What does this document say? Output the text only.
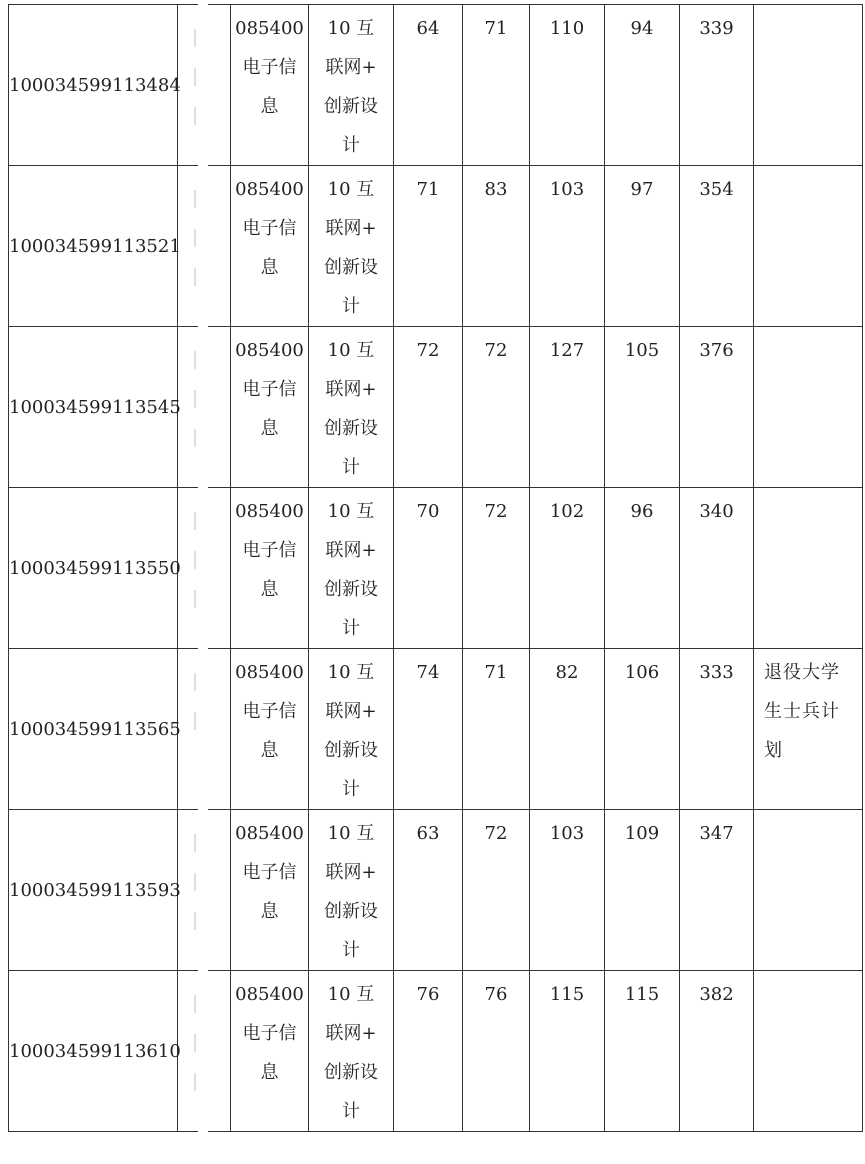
100034599113484		085400
电子信
息	10 互
联网+
创新设
计	64	71	110	94	339	
100034599113521		085400
电子信
息	10 互
联网+
创新设
计	71	83	103	97	354	
100034599113545		085400
电子信
息	10 互
联网+
创新设
计	72	72	127	105	376	
100034599113550		085400
电子信
息	10 互
联网+
创新设
计	70	72	102	96	340	
100034599113565		085400
电子信
息	10 互
联网+
创新设
计	74	71	82	106	333	退役大学生士兵计划
100034599113593		085400
电子信
息	10 互
联网+
创新设
计	63	72	103	109	347	
100034599113610		085400
电子信
息	10 互
联网+
创新设
计	76	76	115	115	382	
